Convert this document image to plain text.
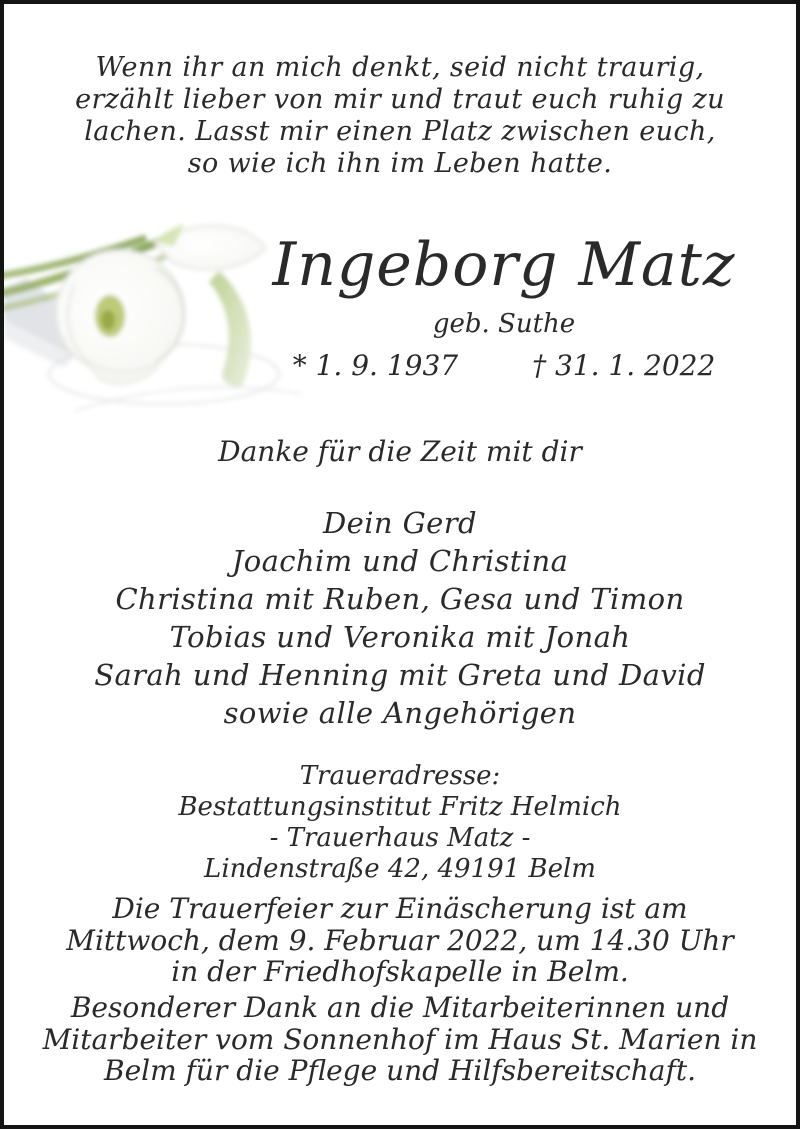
Wenn ihr an mich denkt, seid nicht traurig,
erzählt lieber von mir und traut euch ruhig zu
lachen. Lasst mir einen Platz zwischen euch,
so wie ich ihn im Leben hatte.
Ingeborg Matz
geb. Suthe
* 1. 9. 1937	† 31. 1. 2022
Danke für die Zeit mit dir
Dein Gerd
Joachim und Christina
Christina mit Ruben, Gesa und Timon
Tobias und Veronika mit Jonah
Sarah und Henning mit Greta und David
sowie alle Angehörigen
Traueradresse:
Bestattungsinstitut Fritz Helmich
- Trauerhaus Matz -
Lindenstraße 42, 49191 Belm
Die Trauerfeier zur Einäscherung ist am
Mittwoch, dem 9. Februar 2022, um 14.30 Uhr
in der Friedhofskapelle in Belm.
Besonderer Dank an die Mitarbeiterinnen und
Mitarbeiter vom Sonnenhof im Haus St. Marien in
Belm für die Pflege und Hilfsbereitschaft.
